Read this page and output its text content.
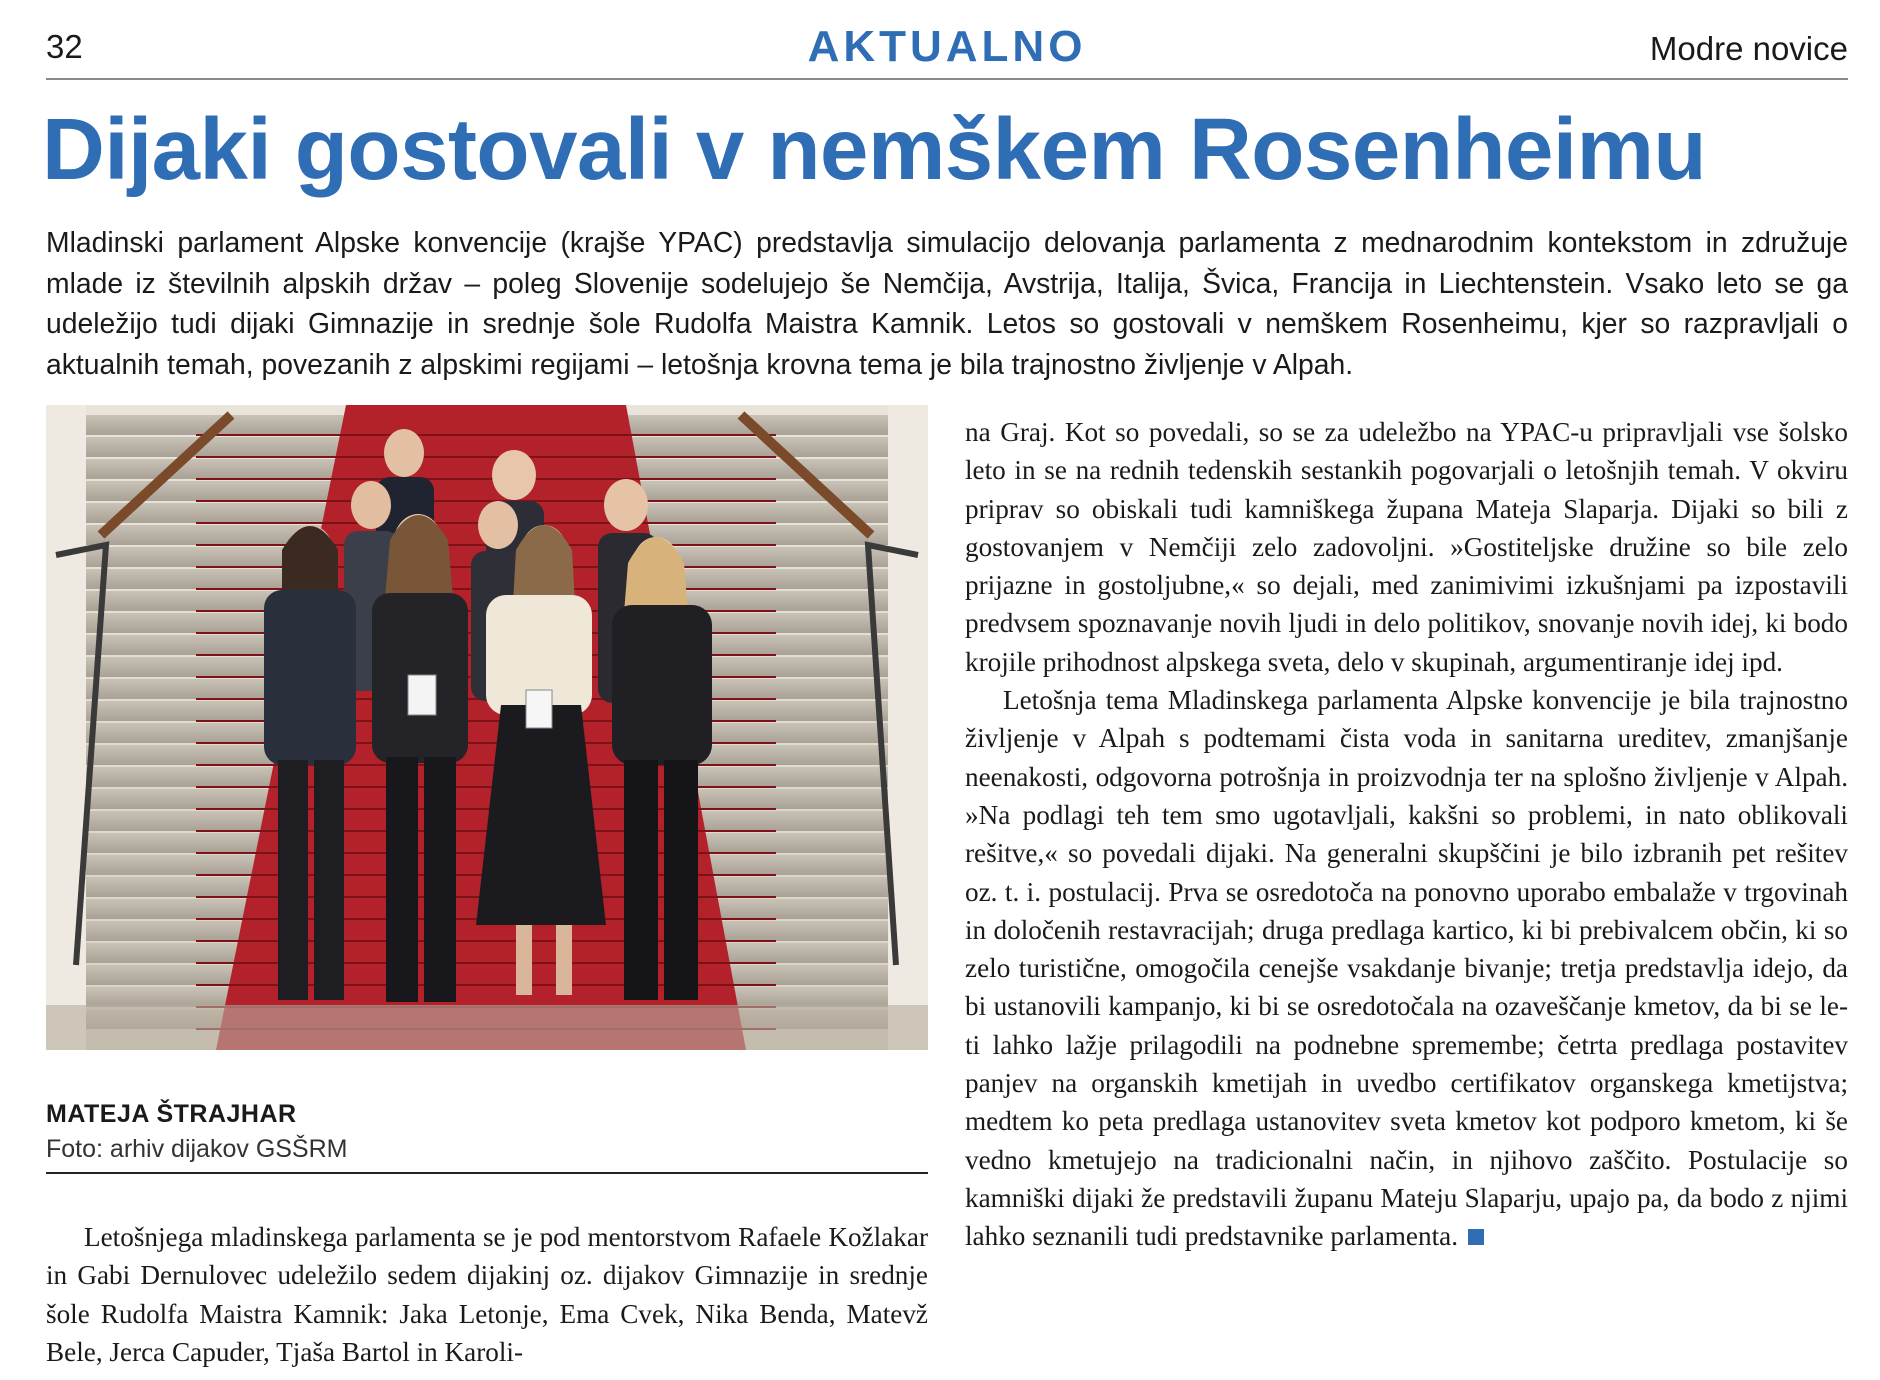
32	AKTUALNO	Modre novice
Dijaki gostovali v nemškem Rosenheimu

Mladinski parlament Alpske konvencije (krajše YPAC) predstavlja simulacijo delovanja parlamenta z mednarodnim kontekstom in združuje mlade iz številnih alpskih držav – poleg Slovenije sodelujejo še Nemčija, Avstrija, Italija, Švica, Francija in Liechtenstein. Vsako leto se ga udeležijo tudi dijaki Gimnazije in srednje šole Rudolfa Maistra Kamnik. Letos so gostovali v nemškem Rosenheimu, kjer so razpravljali o aktualnih temah, povezanih z alpskimi regijami – letošnja krovna tema je bila trajnostno življenje v Alpah.

MATEJA ŠTRAJHAR
Foto: arhiv dijakov GSŠRM

Letošnjega mladinskega parlamenta se je pod mentorstvom Rafaele Kožlakar in Gabi Dernulovec udeležilo sedem dijakinj oz. dijakov Gimnazije in srednje šole Rudolfa Maistra Kamnik: Jaka Letonje, Ema Cvek, Nika Benda, Matevž Bele, Jerca Capuder, Tjaša Bartol in Karoli-

na Graj. Kot so povedali, so se za udeležbo na YPAC-u pripravljali vse šolsko leto in se na rednih tedenskih sestankih pogovarjali o letošnjih temah. V okviru priprav so obiskali tudi kamniškega župana Mateja Slaparja. Dijaki so bili z gostovanjem v Nemčiji zelo zadovoljni. »Gostiteljske družine so bile zelo prijazne in gostoljubne,« so dejali, med zanimivimi izkušnjami pa izpostavili predvsem spoznavanje novih ljudi in delo politikov, snovanje novih idej, ki bodo krojile prihodnost alpskega sveta, delo v skupinah, argumentiranje idej ipd.

Letošnja tema Mladinskega parlamenta Alpske konvencije je bila trajnostno življenje v Alpah s podtemami čista voda in sanitarna ureditev, zmanjšanje neenakosti, odgovorna potrošnja in proizvodnja ter na splošno življenje v Alpah. »Na podlagi teh tem smo ugotavljali, kakšni so problemi, in nato oblikovali rešitve,« so povedali dijaki. Na generalni skupščini je bilo izbranih pet rešitev oz. t. i. postulacij. Prva se osredotoča na ponovno uporabo embalaže v trgovinah in določenih restavracijah; druga predlaga kartico, ki bi prebivalcem občin, ki so zelo turistične, omogočila cenejše vsakdanje bivanje; tretja predstavlja idejo, da bi ustanovili kampanjo, ki bi se osredotočala na ozaveščanje kmetov, da bi se le-ti lahko lažje prilagodili na podnebne spremembe; četrta predlaga postavitev panjev na organskih kmetijah in uvedbo certifikatov organskega kmetijstva; medtem ko peta predlaga ustanovitev sveta kmetov kot podporo kmetom, ki še vedno kmetujejo na tradicionalni način, in njihovo zaščito. Postulacije so kamniški dijaki že predstavili županu Mateju Slaparju, upajo pa, da bodo z njimi lahko seznanili tudi predstavnike parlamenta.
